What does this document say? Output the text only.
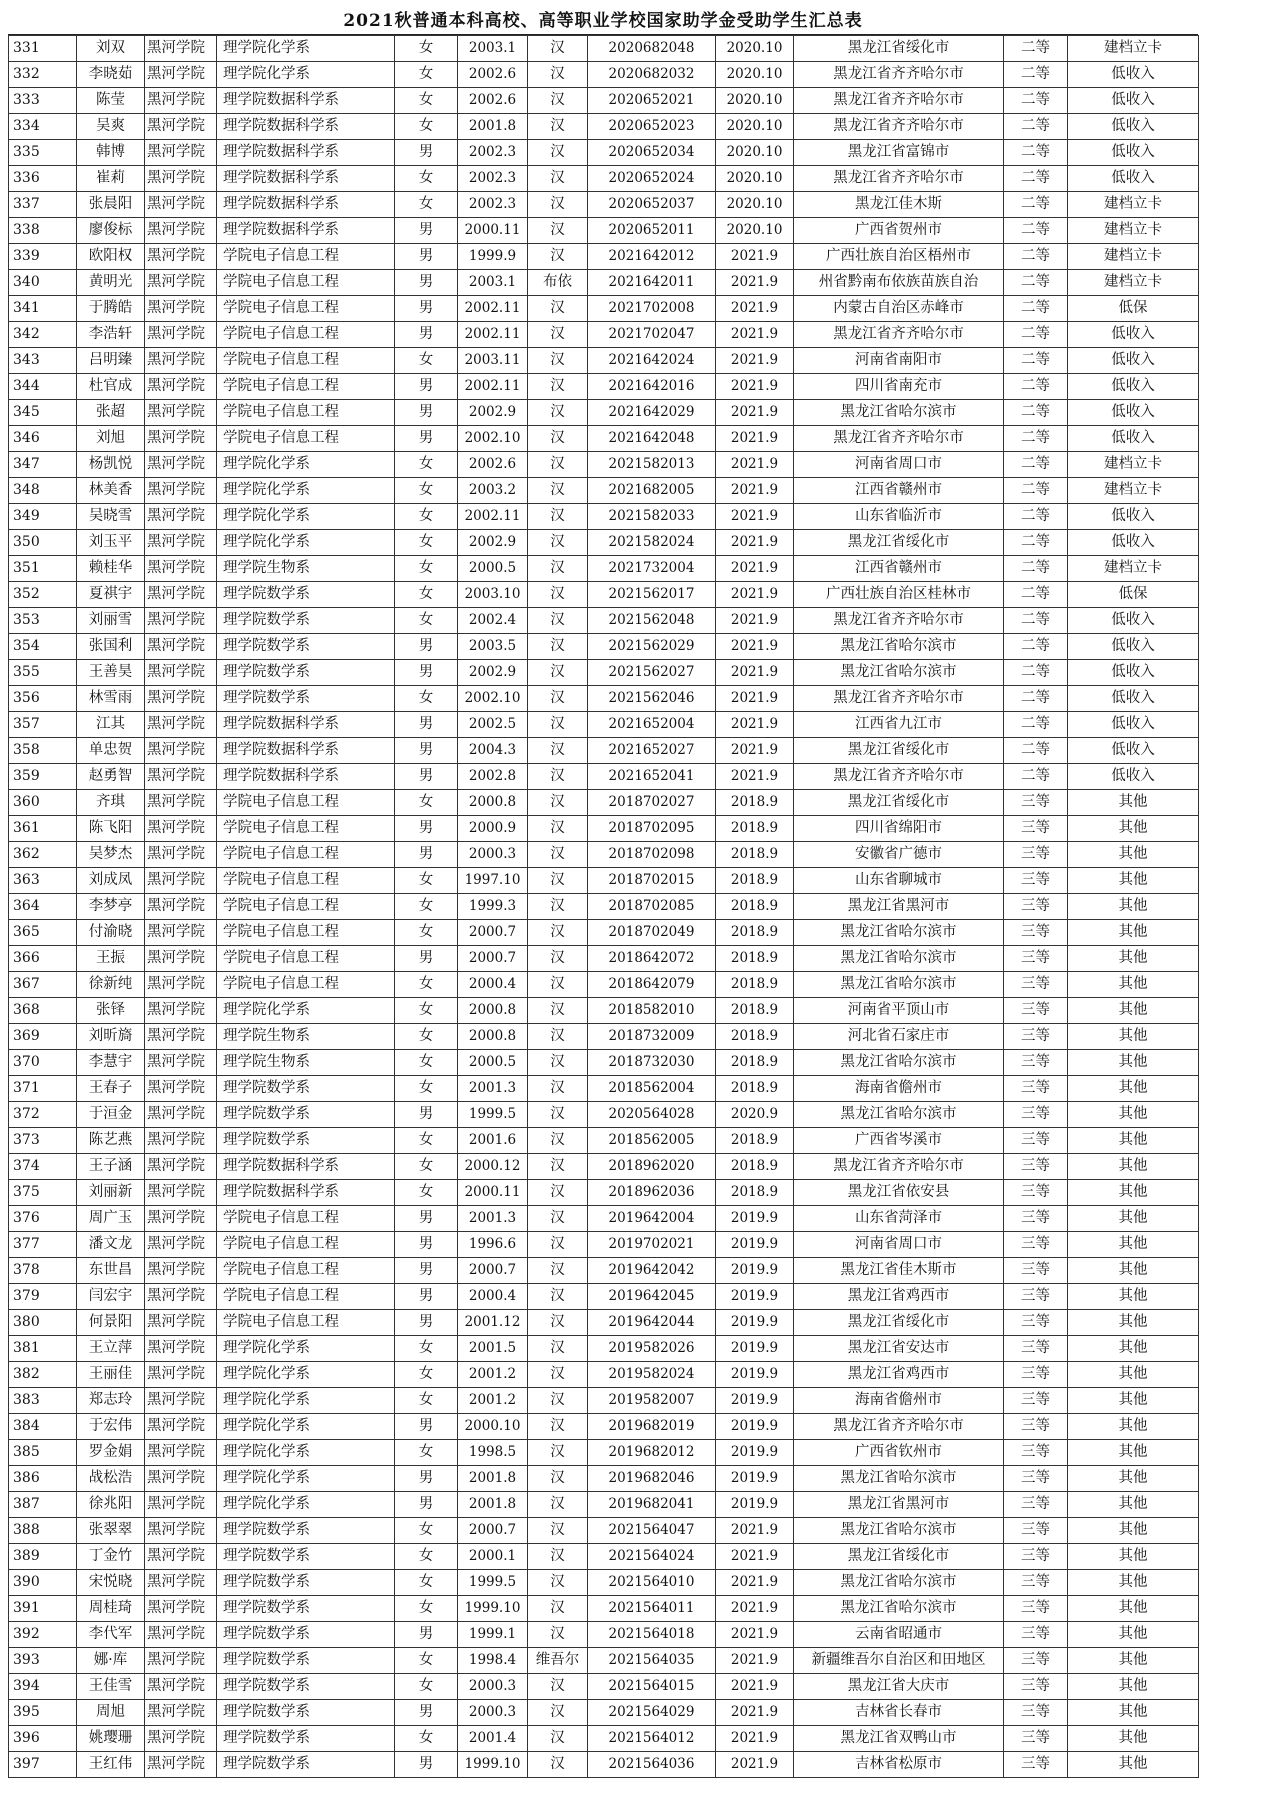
2021秋普通本科高校、高等职业学校国家助学金受助学生汇总表
331	刘双	黑河学院	理学院化学系	女	2003.1	汉	2020682048	2020.10	黑龙江省绥化市	二等	建档立卡
332	李晓茹	黑河学院	理学院化学系	女	2002.6	汉	2020682032	2020.10	黑龙江省齐齐哈尔市	二等	低收入
333	陈莹	黑河学院	理学院数据科学系	女	2002.6	汉	2020652021	2020.10	黑龙江省齐齐哈尔市	二等	低收入
334	吴爽	黑河学院	理学院数据科学系	女	2001.8	汉	2020652023	2020.10	黑龙江省齐齐哈尔市	二等	低收入
335	韩博	黑河学院	理学院数据科学系	男	2002.3	汉	2020652034	2020.10	黑龙江省富锦市	二等	低收入
336	崔莉	黑河学院	理学院数据科学系	女	2002.3	汉	2020652024	2020.10	黑龙江省齐齐哈尔市	二等	低收入
337	张晨阳	黑河学院	理学院数据科学系	女	2002.3	汉	2020652037	2020.10	黑龙江佳木斯	二等	建档立卡
338	廖俊标	黑河学院	理学院数据科学系	男	2000.11	汉	2020652011	2020.10	广西省贺州市	二等	建档立卡
339	欧阳权	黑河学院	学院电子信息工程	男	1999.9	汉	2021642012	2021.9	广西壮族自治区梧州市	二等	建档立卡
340	黄明光	黑河学院	学院电子信息工程	男	2003.1	布依	2021642011	2021.9	州省黔南布依族苗族自治	二等	建档立卡
341	于腾皓	黑河学院	学院电子信息工程	男	2002.11	汉	2021702008	2021.9	内蒙古自治区赤峰市	二等	低保
342	李浩轩	黑河学院	学院电子信息工程	男	2002.11	汉	2021702047	2021.9	黑龙江省齐齐哈尔市	二等	低收入
343	吕明臻	黑河学院	学院电子信息工程	女	2003.11	汉	2021642024	2021.9	河南省南阳市	二等	低收入
344	杜官成	黑河学院	学院电子信息工程	男	2002.11	汉	2021642016	2021.9	四川省南充市	二等	低收入
345	张超	黑河学院	学院电子信息工程	男	2002.9	汉	2021642029	2021.9	黑龙江省哈尔滨市	二等	低收入
346	刘旭	黑河学院	学院电子信息工程	男	2002.10	汉	2021642048	2021.9	黑龙江省齐齐哈尔市	二等	低收入
347	杨凯悦	黑河学院	理学院化学系	女	2002.6	汉	2021582013	2021.9	河南省周口市	二等	建档立卡
348	林美香	黑河学院	理学院化学系	女	2003.2	汉	2021682005	2021.9	江西省赣州市	二等	建档立卡
349	吴晓雪	黑河学院	理学院化学系	女	2002.11	汉	2021582033	2021.9	山东省临沂市	二等	低收入
350	刘玉平	黑河学院	理学院化学系	女	2002.9	汉	2021582024	2021.9	黑龙江省绥化市	二等	低收入
351	赖桂华	黑河学院	理学院生物系	女	2000.5	汉	2021732004	2021.9	江西省赣州市	二等	建档立卡
352	夏祺宇	黑河学院	理学院数学系	女	2003.10	汉	2021562017	2021.9	广西壮族自治区桂林市	二等	低保
353	刘丽雪	黑河学院	理学院数学系	女	2002.4	汉	2021562048	2021.9	黑龙江省齐齐哈尔市	二等	低收入
354	张国利	黑河学院	理学院数学系	男	2003.5	汉	2021562029	2021.9	黑龙江省哈尔滨市	二等	低收入
355	王善昊	黑河学院	理学院数学系	男	2002.9	汉	2021562027	2021.9	黑龙江省哈尔滨市	二等	低收入
356	林雪雨	黑河学院	理学院数学系	女	2002.10	汉	2021562046	2021.9	黑龙江省齐齐哈尔市	二等	低收入
357	江其	黑河学院	理学院数据科学系	男	2002.5	汉	2021652004	2021.9	江西省九江市	二等	低收入
358	单忠贺	黑河学院	理学院数据科学系	男	2004.3	汉	2021652027	2021.9	黑龙江省绥化市	二等	低收入
359	赵勇智	黑河学院	理学院数据科学系	男	2002.8	汉	2021652041	2021.9	黑龙江省齐齐哈尔市	二等	低收入
360	齐琪	黑河学院	学院电子信息工程	女	2000.8	汉	2018702027	2018.9	黑龙江省绥化市	三等	其他
361	陈飞阳	黑河学院	学院电子信息工程	男	2000.9	汉	2018702095	2018.9	四川省绵阳市	三等	其他
362	吴梦杰	黑河学院	学院电子信息工程	男	2000.3	汉	2018702098	2018.9	安徽省广德市	三等	其他
363	刘成凤	黑河学院	学院电子信息工程	女	1997.10	汉	2018702015	2018.9	山东省聊城市	三等	其他
364	李梦亭	黑河学院	学院电子信息工程	女	1999.3	汉	2018702085	2018.9	黑龙江省黑河市	三等	其他
365	付渝晓	黑河学院	学院电子信息工程	女	2000.7	汉	2018702049	2018.9	黑龙江省哈尔滨市	三等	其他
366	王振	黑河学院	学院电子信息工程	男	2000.7	汉	2018642072	2018.9	黑龙江省哈尔滨市	三等	其他
367	徐新纯	黑河学院	学院电子信息工程	女	2000.4	汉	2018642079	2018.9	黑龙江省哈尔滨市	三等	其他
368	张铎	黑河学院	理学院化学系	女	2000.8	汉	2018582010	2018.9	河南省平顶山市	三等	其他
369	刘昕旖	黑河学院	理学院生物系	女	2000.8	汉	2018732009	2018.9	河北省石家庄市	三等	其他
370	李慧宇	黑河学院	理学院生物系	女	2000.5	汉	2018732030	2018.9	黑龙江省哈尔滨市	三等	其他
371	王春子	黑河学院	理学院数学系	女	2001.3	汉	2018562004	2018.9	海南省儋州市	三等	其他
372	于洹金	黑河学院	理学院数学系	男	1999.5	汉	2020564028	2020.9	黑龙江省哈尔滨市	三等	其他
373	陈艺燕	黑河学院	理学院数学系	女	2001.6	汉	2018562005	2018.9	广西省岑溪市	三等	其他
374	王子涵	黑河学院	理学院数据科学系	女	2000.12	汉	2018962020	2018.9	黑龙江省齐齐哈尔市	三等	其他
375	刘丽新	黑河学院	理学院数据科学系	女	2000.11	汉	2018962036	2018.9	黑龙江省依安县	三等	其他
376	周广玉	黑河学院	学院电子信息工程	男	2001.3	汉	2019642004	2019.9	山东省菏泽市	三等	其他
377	潘文龙	黑河学院	学院电子信息工程	男	1996.6	汉	2019702021	2019.9	河南省周口市	三等	其他
378	东世昌	黑河学院	学院电子信息工程	男	2000.7	汉	2019642042	2019.9	黑龙江省佳木斯市	三等	其他
379	闫宏宇	黑河学院	学院电子信息工程	男	2000.4	汉	2019642045	2019.9	黑龙江省鸡西市	三等	其他
380	何景阳	黑河学院	学院电子信息工程	男	2001.12	汉	2019642044	2019.9	黑龙江省绥化市	三等	其他
381	王立萍	黑河学院	理学院化学系	女	2001.5	汉	2019582026	2019.9	黑龙江省安达市	三等	其他
382	王丽佳	黑河学院	理学院化学系	女	2001.2	汉	2019582024	2019.9	黑龙江省鸡西市	三等	其他
383	郑志玲	黑河学院	理学院化学系	女	2001.2	汉	2019582007	2019.9	海南省儋州市	三等	其他
384	于宏伟	黑河学院	理学院化学系	男	2000.10	汉	2019682019	2019.9	黑龙江省齐齐哈尔市	三等	其他
385	罗金娟	黑河学院	理学院化学系	女	1998.5	汉	2019682012	2019.9	广西省钦州市	三等	其他
386	战松浩	黑河学院	理学院化学系	男	2001.8	汉	2019682046	2019.9	黑龙江省哈尔滨市	三等	其他
387	徐兆阳	黑河学院	理学院化学系	男	2001.8	汉	2019682041	2019.9	黑龙江省黑河市	三等	其他
388	张翠翠	黑河学院	理学院数学系	女	2000.7	汉	2021564047	2021.9	黑龙江省哈尔滨市	三等	其他
389	丁金竹	黑河学院	理学院数学系	女	2000.1	汉	2021564024	2021.9	黑龙江省绥化市	三等	其他
390	宋悦晓	黑河学院	理学院数学系	女	1999.5	汉	2021564010	2021.9	黑龙江省哈尔滨市	三等	其他
391	周桂琦	黑河学院	理学院数学系	女	1999.10	汉	2021564011	2021.9	黑龙江省哈尔滨市	三等	其他
392	李代军	黑河学院	理学院数学系	男	1999.1	汉	2021564018	2021.9	云南省昭通市	三等	其他
393	娜·库	黑河学院	理学院数学系	女	1998.4	维吾尔	2021564035	2021.9	新疆维吾尔自治区和田地区	三等	其他
394	王佳雪	黑河学院	理学院数学系	女	2000.3	汉	2021564015	2021.9	黑龙江省大庆市	三等	其他
395	周旭	黑河学院	理学院数学系	男	2000.3	汉	2021564029	2021.9	吉林省长春市	三等	其他
396	姚璎珊	黑河学院	理学院数学系	女	2001.4	汉	2021564012	2021.9	黑龙江省双鸭山市	三等	其他
397	王红伟	黑河学院	理学院数学系	男	1999.10	汉	2021564036	2021.9	吉林省松原市	三等	其他
